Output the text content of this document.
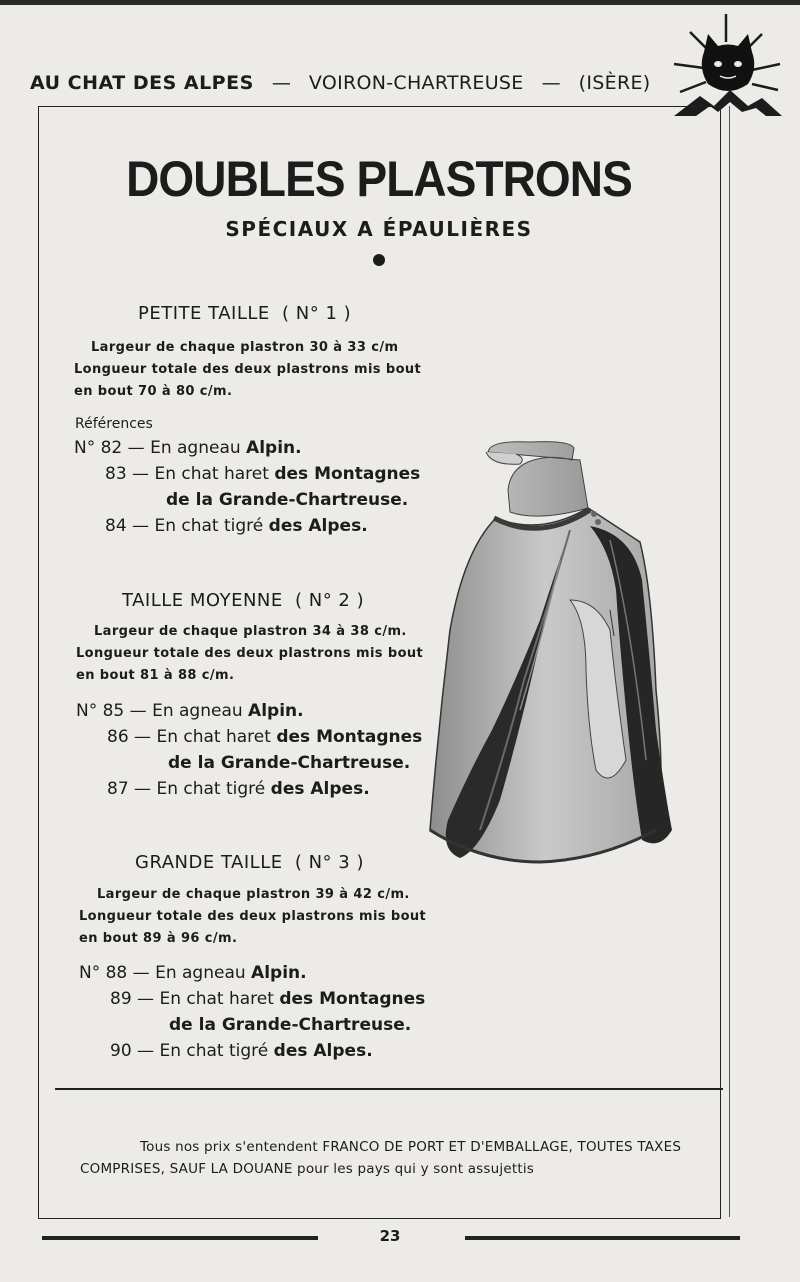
AU CHAT DES ALPES — VOIRON-CHARTREUSE — (ISÈRE)
DOUBLES PLASTRONS
SPÉCIAUX A ÉPAULIÈRES
PETITE TAILLE ( N° 1 )
Largeur de chaque plastron 30 à 33 c/m
Longueur totale des deux plastrons mis bout
en bout 70 à 80 c/m.
Références
N° 82 — En agneau Alpin.
83 — En chat haret des Montagnes
de la Grande-Chartreuse.
84 — En chat tigré des Alpes.
TAILLE MOYENNE ( N° 2 )
Largeur de chaque plastron 34 à 38 c/m.
Longueur totale des deux plastrons mis bout
en bout 81 à 88 c/m.
N° 85 — En agneau Alpin.
86 — En chat haret des Montagnes
de la Grande-Chartreuse.
87 — En chat tigré des Alpes.
GRANDE TAILLE ( N° 3 )
Largeur de chaque plastron 39 à 42 c/m.
Longueur totale des deux plastrons mis bout
en bout 89 à 96 c/m.
N° 88 — En agneau Alpin.
89 — En chat haret des Montagnes
de la Grande-Chartreuse.
90 — En chat tigré des Alpes.

Tous nos prix s'entendent FRANCO DE PORT ET D'EMBALLAGE, TOUTES TAXES

COMPRISES, SAUF LA DOUANE pour les pays qui y sont assujettis

23
